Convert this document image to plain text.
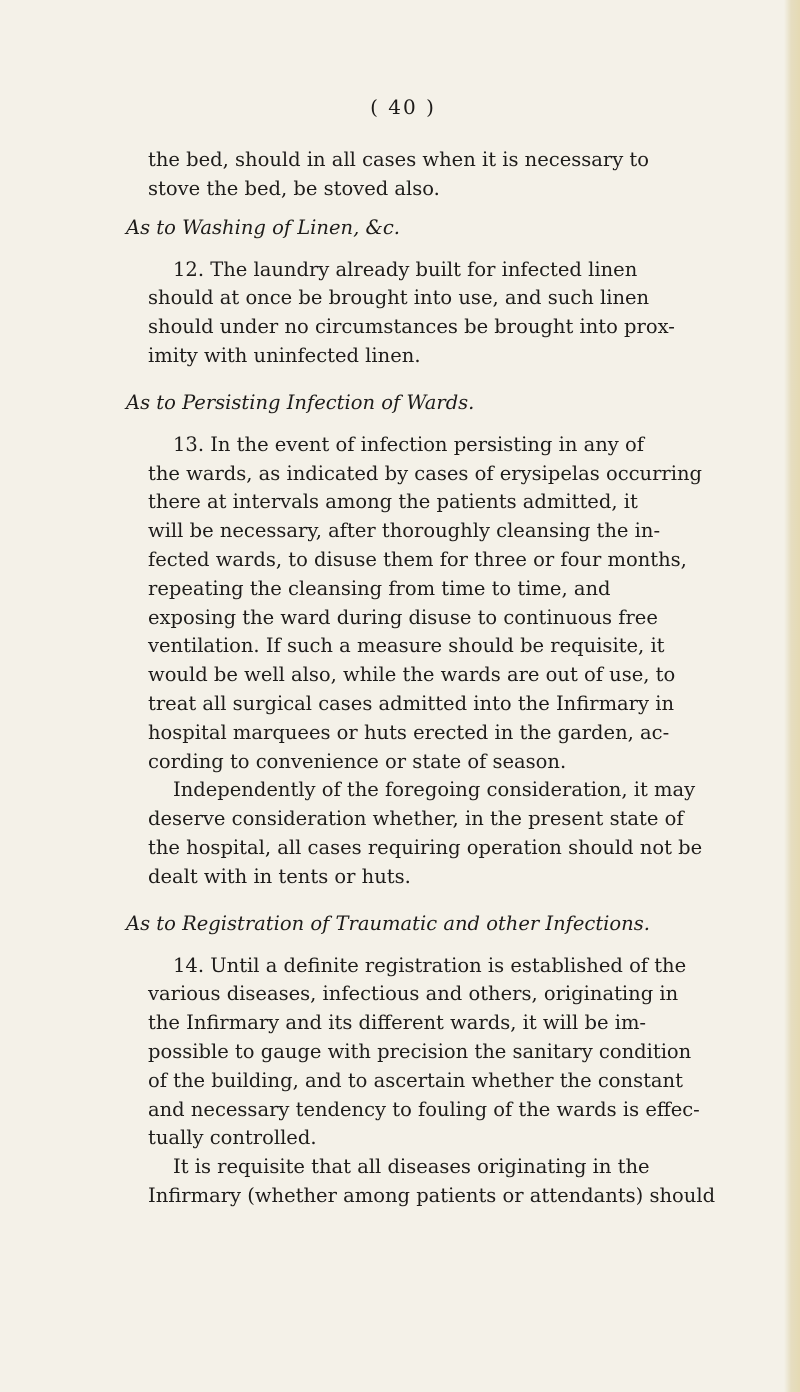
( 40 )
the bed, should in all cases when it is necessary to
stove the bed, be stoved also.
As to Washing of Linen, &c.
12. The laundry already built for infected linen
should at once be brought into use, and such linen
should under no circumstances be brought into prox-
imity with uninfected linen.
As to Persisting Infection of Wards.
13. In the event of infection persisting in any of
the wards, as indicated by cases of erysipelas occurring
there at intervals among the patients admitted, it
will be necessary, after thoroughly cleansing the in-
fected wards, to disuse them for three or four months,
repeating the cleansing from time to time, and
exposing the ward during disuse to continuous free
ventilation. If such a measure should be requisite, it
would be well also, while the wards are out of use, to
treat all surgical cases admitted into the Infirmary in
hospital marquees or huts erected in the garden, ac-
cording to convenience or state of season.
Independently of the foregoing consideration, it may
deserve consideration whether, in the present state of
the hospital, all cases requiring operation should not be
dealt with in tents or huts.
As to Registration of Traumatic and other Infections.
14. Until a definite registration is established of the
various diseases, infectious and others, originating in
the Infirmary and its different wards, it will be im-
possible to gauge with precision the sanitary condition
of the building, and to ascertain whether the constant
and necessary tendency to fouling of the wards is effec-
tually controlled.
It is requisite that all diseases originating in the
Infirmary (whether among patients or attendants) should
